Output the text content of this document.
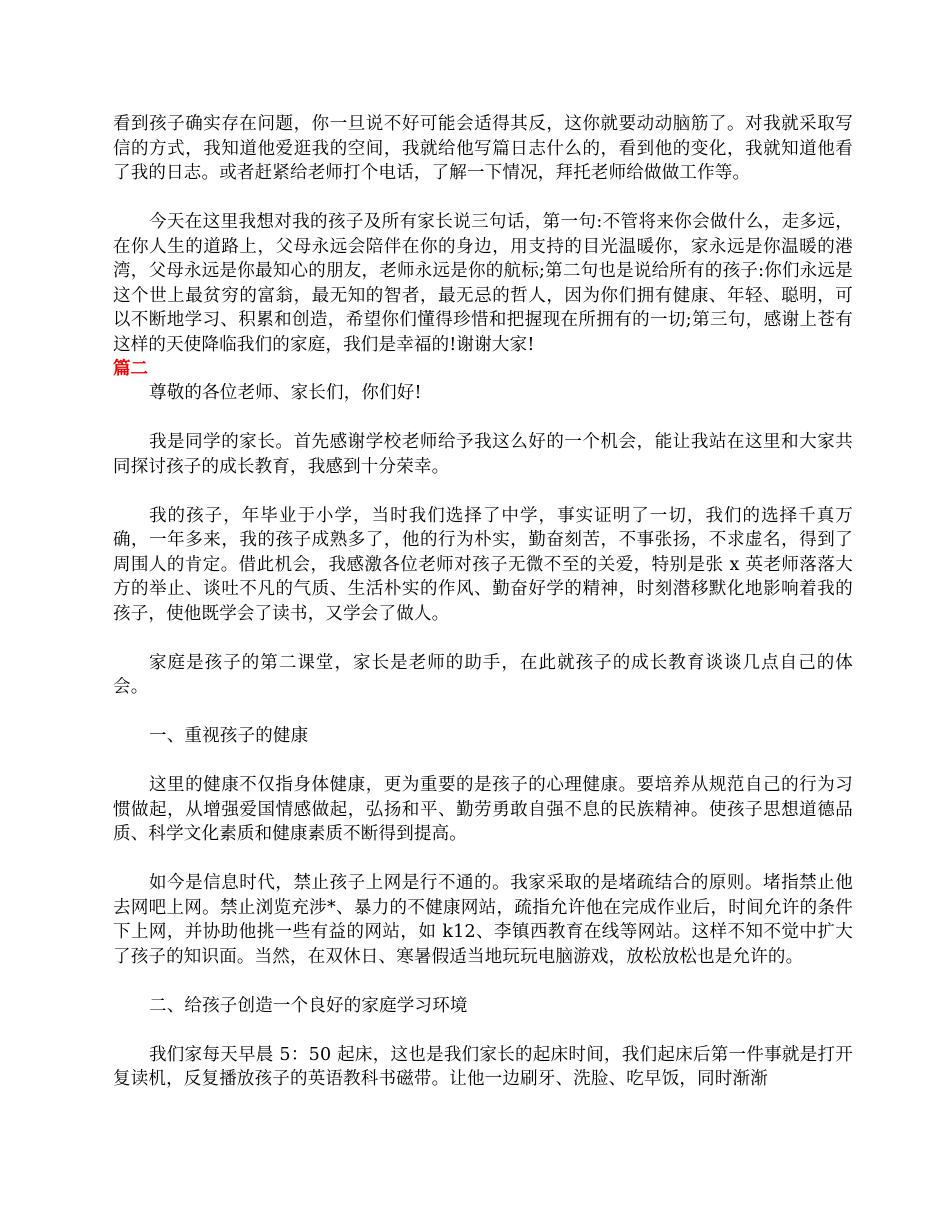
看到孩子确实存在问题，你一旦说不好可能会适得其反，这你就要动动脑筋了。对我就采取写信的方式，我知道他爱逛我的空间，我就给他写篇日志什么的，看到他的变化，我就知道他看了我的日志。或者赶紧给老师打个电话，了解一下情况，拜托老师给做做工作等。

今天在这里我想对我的孩子及所有家长说三句话，第一句:不管将来你会做什么，走多远，在你人生的道路上，父母永远会陪伴在你的身边，用支持的目光温暖你，家永远是你温暖的港湾，父母永远是你最知心的朋友，老师永远是你的航标;第二句也是说给所有的孩子:你们永远是这个世上最贫穷的富翁，最无知的智者，最无忌的哲人，因为你们拥有健康、年轻、聪明，可以不断地学习、积累和创造，希望你们懂得珍惜和把握现在所拥有的一切;第三句，感谢上苍有这样的天使降临我们的家庭，我们是幸福的!谢谢大家!

篇二

尊敬的各位老师、家长们，你们好!

我是同学的家长。首先感谢学校老师给予我这么好的一个机会，能让我站在这里和大家共同探讨孩子的成长教育，我感到十分荣幸。

我的孩子，年毕业于小学，当时我们选择了中学，事实证明了一切，我们的选择千真万确，一年多来，我的孩子成熟多了，他的行为朴实，勤奋刻苦，不事张扬，不求虚名，得到了周围人的肯定。借此机会，我感激各位老师对孩子无微不至的关爱，特别是张 x 英老师落落大方的举止、谈吐不凡的气质、生活朴实的作风、勤奋好学的精神，时刻潜移默化地影响着我的孩子，使他既学会了读书，又学会了做人。

家庭是孩子的第二课堂，家长是老师的助手，在此就孩子的成长教育谈谈几点自己的体会。

一、重视孩子的健康

这里的健康不仅指身体健康，更为重要的是孩子的心理健康。要培养从规范自己的行为习惯做起，从增强爱国情感做起，弘扬和平、勤劳勇敢自强不息的民族精神。使孩子思想道德品质、科学文化素质和健康素质不断得到提高。

如今是信息时代，禁止孩子上网是行不通的。我家采取的是堵疏结合的原则。堵指禁止他去网吧上网。禁止浏览充涉*、暴力的不健康网站，疏指允许他在完成作业后，时间允许的条件下上网，并协助他挑一些有益的网站，如 k12、李镇西教育在线等网站。这样不知不觉中扩大了孩子的知识面。当然，在双休日、寒暑假适当地玩玩电脑游戏，放松放松也是允许的。

二、给孩子创造一个良好的家庭学习环境

我们家每天早晨 5：50 起床，这也是我们家长的起床时间，我们起床后第一件事就是打开复读机，反复播放孩子的英语教科书磁带。让他一边刷牙、洗脸、吃早饭，同时渐渐
